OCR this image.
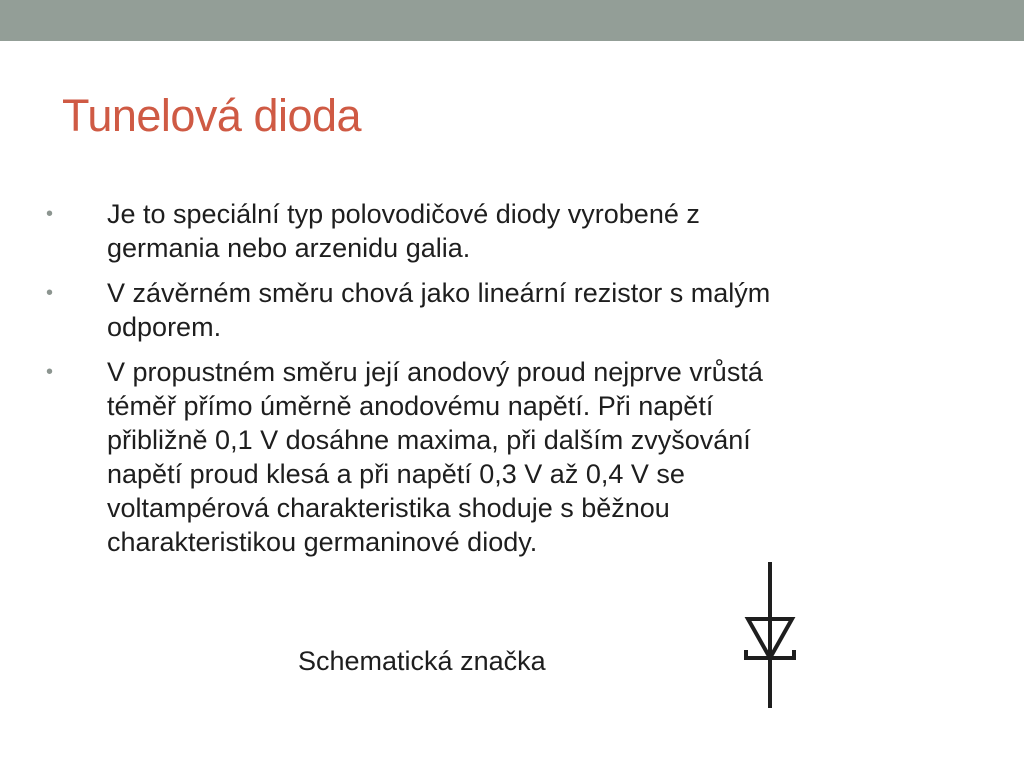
Tunelová dioda
• Je to speciální typ polovodičové diody vyrobené z
germania nebo arzenidu galia.
• V závěrném směru chová jako lineární rezistor s malým
odporem.
• V propustném směru její anodový proud nejprve vrůstá
téměř přímo úměrně anodovému napětí. Při napětí
přibližně 0,1 V dosáhne maxima, při dalším zvyšování
napětí proud klesá a při napětí 0,3 V až 0,4 V se
voltampérová charakteristika shoduje s běžnou
charakteristikou germaninové diody.
Schematická značka
